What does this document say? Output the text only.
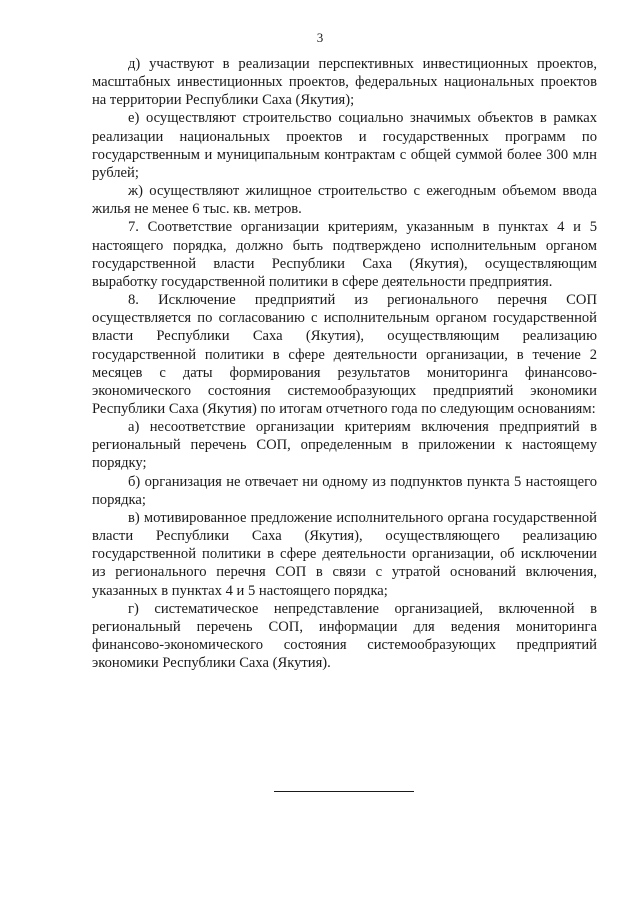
3

д) участвуют в реализации перспективных инвестиционных проектов, масштабных инвестиционных проектов, федеральных национальных проектов на территории Республики Саха (Якутия);

е) осуществляют строительство социально значимых объектов в рамках реализации национальных проектов и государственных программ по государственным и муниципальным контрактам с общей суммой более 300 млн рублей;

ж) осуществляют жилищное строительство с ежегодным объемом ввода жилья не менее 6 тыс. кв. метров.

7. Соответствие организации критериям, указанным в пунктах 4 и 5 настоящего порядка, должно быть подтверждено исполнительным органом государственной власти Республики Саха (Якутия), осуществляющим выработку государственной политики в сфере деятельности предприятия.

8. Исключение предприятий из регионального перечня СОП осуществляется по согласованию с исполнительным органом государственной власти Республики Саха (Якутия), осуществляющим реализацию государственной политики в сфере деятельности организации, в течение 2 месяцев с даты формирования результатов мониторинга финансово-экономического состояния системообразующих предприятий экономики Республики Саха (Якутия) по итогам отчетного года по следующим основаниям:

а) несоответствие организации критериям включения предприятий в региональный перечень СОП, определенным в приложении к настоящему порядку;

б) организация не отвечает ни одному из подпунктов пункта 5 настоящего порядка;

в) мотивированное предложение исполнительного органа государственной власти Республики Саха (Якутия), осуществляющего реализацию государственной политики в сфере деятельности организации, об исключении из регионального перечня СОП в связи с утратой оснований включения, указанных в пунктах 4 и 5 настоящего порядка;

г) систематическое непредставление организацией, включенной в региональный перечень СОП, информации для ведения мониторинга финансово-экономического состояния системообразующих предприятий экономики Республики Саха (Якутия).
